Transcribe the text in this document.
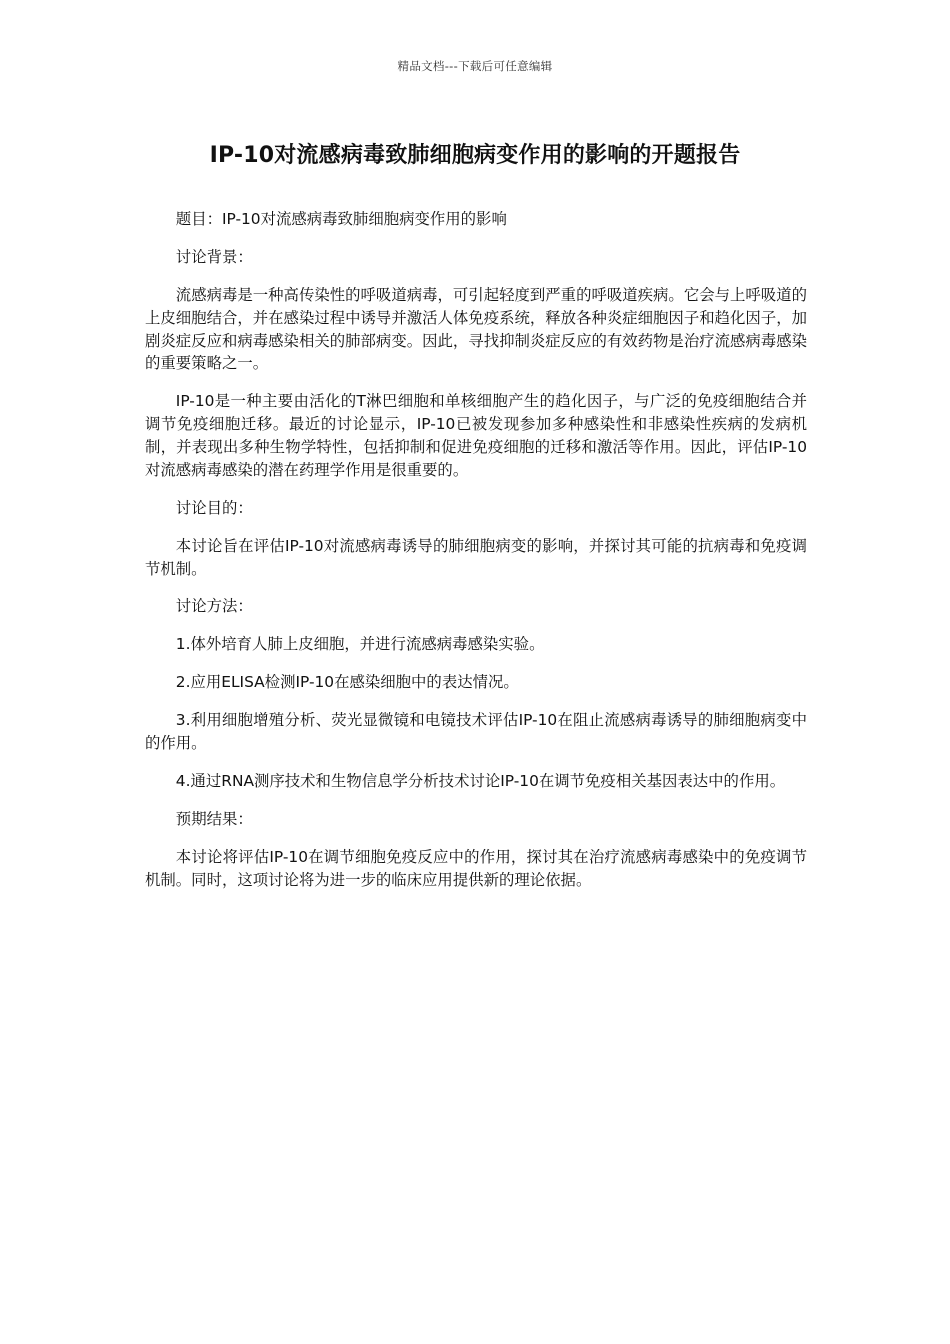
精品文档---下载后可任意编辑
IP-10对流感病毒致肺细胞病变作用的影响的开题报告

题目：IP-10对流感病毒致肺细胞病变作用的影响

讨论背景：

流感病毒是一种高传染性的呼吸道病毒，可引起轻度到严重的呼吸道疾病。它会与上呼吸道的上皮细胞结合，并在感染过程中诱导并激活人体免疫系统，释放各种炎症细胞因子和趋化因子，加剧炎症反应和病毒感染相关的肺部病变。因此，寻找抑制炎症反应的有效药物是治疗流感病毒感染的重要策略之一。

IP-10是一种主要由活化的T淋巴细胞和单核细胞产生的趋化因子，与广泛的免疫细胞结合并调节免疫细胞迁移。最近的讨论显示，IP-10已被发现参加多种感染性和非感染性疾病的发病机制，并表现出多种生物学特性，包括抑制和促进免疫细胞的迁移和激活等作用。因此，评估IP-10对流感病毒感染的潜在药理学作用是很重要的。

讨论目的：

本讨论旨在评估IP-10对流感病毒诱导的肺细胞病变的影响，并探讨其可能的抗病毒和免疫调节机制。

讨论方法：

1.体外培育人肺上皮细胞，并进行流感病毒感染实验。

2.应用ELISA检测IP-10在感染细胞中的表达情况。

3.利用细胞增殖分析、荧光显微镜和电镜技术评估IP-10在阻止流感病毒诱导的肺细胞病变中的作用。

4.通过RNA测序技术和生物信息学分析技术讨论IP-10在调节免疫相关基因表达中的作用。

预期结果：

本讨论将评估IP-10在调节细胞免疫反应中的作用，探讨其在治疗流感病毒感染中的免疫调节机制。同时，这项讨论将为进一步的临床应用提供新的理论依据。
